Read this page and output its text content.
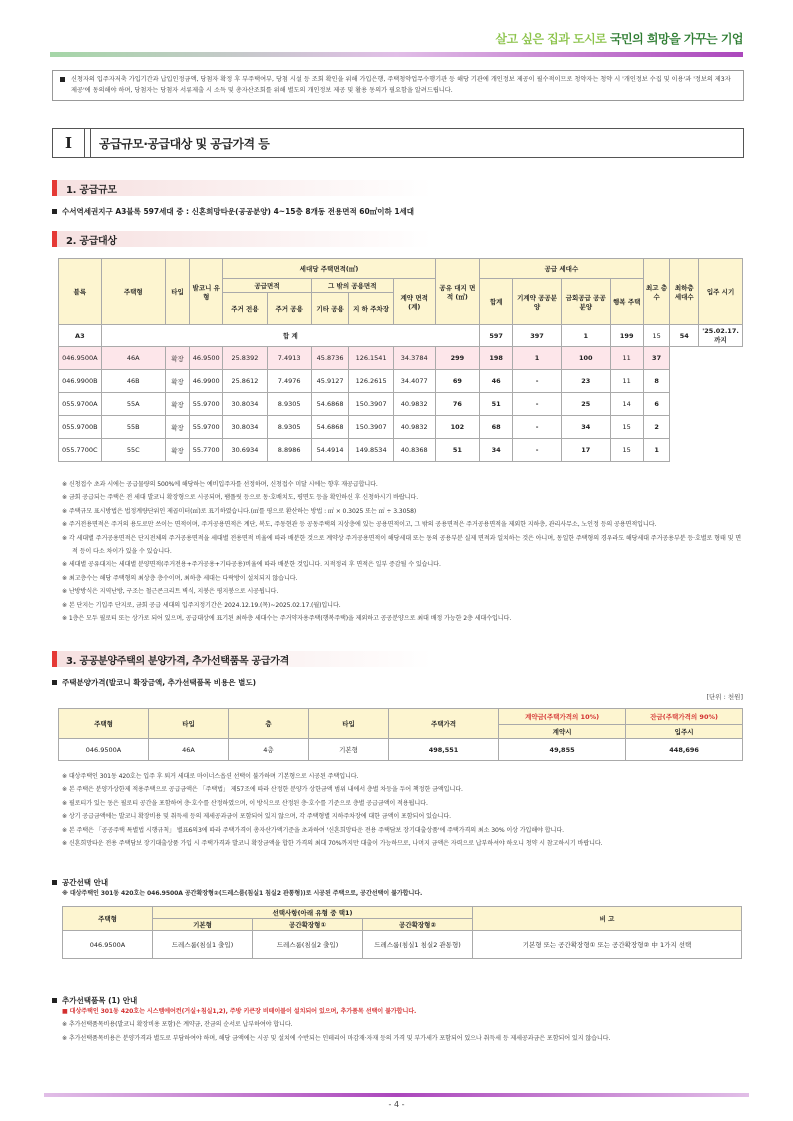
살고 싶은 집과 도시로 국민의 희망을 가꾸는 기업
신청자의 입주자저축 가입기간과 납입인정금액, 당첨자 확정 후 부주택여부, 당첨 시설 등 조회 확인을 위해 가입은행, 주택청약업무수행기관 등 해당 기관에 개인정보 제공이 필수적이므로 청약자는 청약 시 '개인정보 수집 및 이용'과 '정보의 제3자 제공'에 동의해야 하며, 당첨자는 당첨자 서류제출 시 소득 및 총자산조회를 위해 별도의 개인정보 제공 및 활용 동의가 필요함을 알려드립니다.
Ⅰ	공급규모·공급대상 및 공급가격 등
1. 공급규모
수서역세권지구 A3블록 597세대 중 : 신혼희망타운(공공분양) 4~15층 8개동 전용면적 60㎡이하 1세대
2. 공급대상
블록	주택형	타입	발코니 유형	세대당 주택면적(㎡)					공유 대지 면적 (㎡)	공급 세대수				최고 층수	최하층 세대수	입주 시기
				공급면적		그 밖의 공용면적		계약 면적 (계)		합계	기계약 공공분양	금회공급 공공분양	행복 주택			
				주거 전용	주거 공용	기타 공용	지 하 주차장									
A3	합 계									597	397	1	199	15	54	'25.02.17. 까지
046.9500A	46A	확장	46.9500	25.8392	7.4913	45.8736	126.1541	34.3784	299	198	1	100	11	37		
046.9900B	46B	확장	46.9900	25.8612	7.4976	45.9127	126.2615	34.4077	69	46	-	23	11	8		
055.9700A	55A	확장	55.9700	30.8034	8.9305	54.6868	150.3907	40.9832	76	51	-	25	14	6		
055.9700B	55B	확장	55.9700	30.8034	8.9305	54.6868	150.3907	40.9832	102	68	-	34	15	2		
055.7700C	55C	확장	55.7700	30.6934	8.8986	54.4914	149.8534	40.8368	51	34	-	17	15	1		

※ 신청접수 초과 시에는 공급물량의 500%에 해당하는 예비입주자를 선정하며, 신청접수 미달 시에는 향후 재공급합니다.

※ 금회 공급되는 주택은 전 세대 발코니 확장형으로 시공되며, 팸플릿 등으로 동·호배치도, 평면도 등을 확인하신 후 신청하시기 바랍니다.

※ 주택규모 표시방법은 법정계량단위인 제곱미터(㎡)로 표기하였습니다.(㎡를 평으로 환산하는 방법 : ㎡ × 0.3025 또는 ㎡ ÷ 3.3058)

※ 주거전용면적은 주거의 용도로만 쓰이는 면적이며, 주거공용면적은 계단, 복도, 주동현관 등 공동주택의 지상층에 있는 공용면적이고, 그 밖의 공용면적은 주거공용면적을 제외한 지하층, 관리사무소, 노인정 등의 공용면적입니다.

※ 각 세대별 주거공용면적은 단지전체의 주거공용면적을 세대별 전용면적 비율에 따라 배분한 것으로 계약상 주거공용면적이 해당세대 또는 동의 공용부분 실제 면적과 일치하는 것은 아니며, 동일한 주택형의 경우라도 해당세대 주거공용부분 등·호별로 형태 및 면적 등이 다소 차이가 있을 수 있습니다.

※ 세대별 공유대지는 세대별 분양면적(주거전용+주거공용+기타공용)비율에 따라 배분한 것입니다. 지적정리 후 면적은 일부 증감될 수 있습니다.

※ 최고층수는 해당 주택형의 최상층 층수이며, 최하층 세대는 다락방이 설치되지 않습니다.

※ 난방방식은 지역난방, 구조는 철근콘크리트 벽식, 지붕은 평지붕으로 시공됩니다.

※ 본 단지는 기입주 단지로, 금회 공급 세대의 입주지정기간은 2024.12.19.(목)~2025.02.17.(월)입니다.

※ 1층은 모두 필로티 또는 상가로 되어 있으며, 공급대상에 표기된 최하층 세대수는 주거약자용주택(행복주택)을 제외하고 공공분양으로 최대 배정 가능한 2층 세대수입니다.

3. 공공분양주택의 분양가격, 추가선택품목 공급가격
주택분양가격(발코니 확장금액, 추가선택품목 비용은 별도)
[단위 : 천원]
주택형	타입	층	타입	주택가격	계약금(주택가격의 10%)	잔금(주택가격의 90%)
					계약시	입주시
046.9500A	46A	4층	기본형	498,551	49,855	448,696

※ 대상주택인 301동 420호는 입주 후 퇴거 세대로 마이너스옵션 선택이 불가하며 기본형으로 시공된 주택입니다.

※ 본 주택은 분양가상한제 적용주택으로 공급금액은 「주택법」 제57조에 따라 산정한 분양가 상한금액 범위 내에서 층별 차등을 두어 책정한 금액입니다.

※ 필로티가 있는 동은 필로티 공간을 포함하여 층·호수를 산정하였으며, 이 방식으로 산정된 층·호수를 기준으로 층별 공급금액이 적용됩니다.

※ 상기 공급금액에는 발코니 확장비용 및 취득세 등의 제세공과금이 포함되어 있지 않으며, 각 주택형별 지하주차장에 대한 금액이 포함되어 있습니다.

※ 본 주택은 「공공주택 특별법 시행규칙」 별표6의3에 따라 주택가격이 총자산가액기준을 초과하여 '신혼희망타운 전용 주택담보 장기대출상품'에 주택가격의 최소 30% 이상 가입해야 합니다.

※ 신혼희망타운 전용 주택담보 장기대출상품 가입 시 주택가격과 발코니 확장금액을 합한 가격의 최대 70%까지만 대출이 가능하므로, 나머지 금액은 자력으로 납부하셔야 하오니 청약 시 참고하시기 바랍니다.

공간선택 안내

※ 대상주택인 301동 420호는 046.9500A 공간확장형②(드레스룸(침실1 침실2 관통형))로 시공된 주택으로, 공간선택이 불가합니다.

주택형	선택사항(아래 유형 중 택1)			비 고
	기본형	공간확장형①	공간확장형②	
046.9500A	드레스룸(침실1 출입)	드레스룸(침실2 출입)	드레스룸(침실1 침실2 관통형)	기본형 또는 공간확장형① 또는 공간확장형② 中 1가지 선택
추가선택품목 (1) 안내

■ 대상주택인 301동 420호는 시스템에어컨(거실+침실1,2), 주방 키큰장 비테이블이 설치되어 있으며, 추가품목 선택이 불가합니다.

※ 추가선택품목비용(발코니 확장비용 포함)은 계약금, 잔금의 순서로 납부하여야 합니다.

※ 추가선택품목비용은 분양가격과 별도로 부담하여야 하며, 해당 금액에는 시공 및 설치에 수반되는 인테리어 마감재·자재 등의 가격 및 부가세가 포함되어 있으나 취득세 등 제세공과금은 포함되어 있지 않습니다.

- 4 -
